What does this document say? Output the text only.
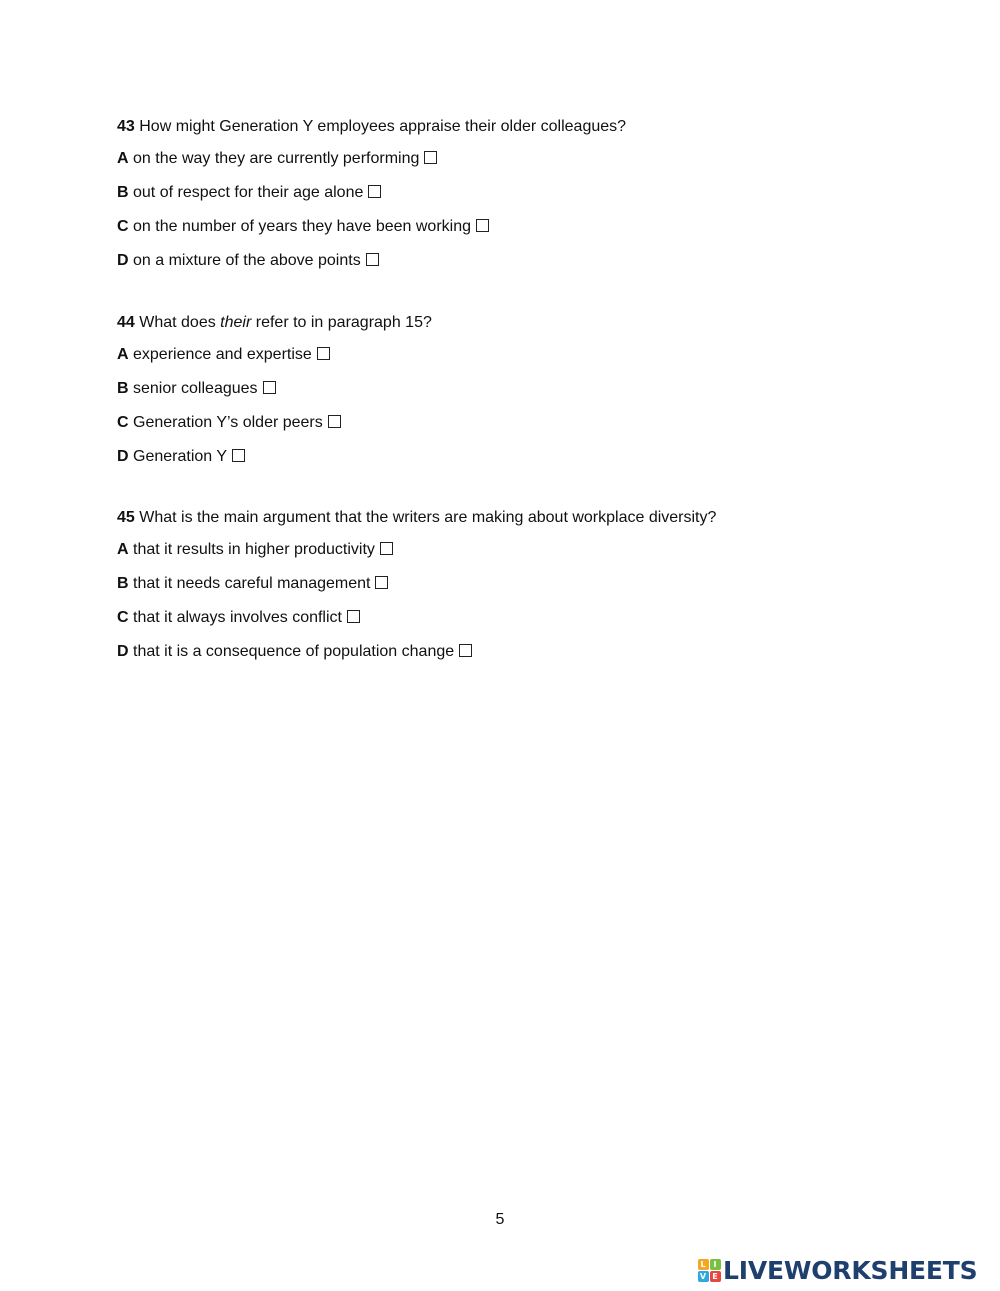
43 How might Generation Y employees appraise their older colleagues?

A on the way they are currently performing

B out of respect for their age alone

C on the number of years they have been working

D on a mixture of the above points

44 What does their refer to in paragraph 15?

A experience and expertise

B senior colleagues

C Generation Y’s older peers

D Generation Y

45 What is the main argument that the writers are making about workplace diversity?

A that it results in higher productivity

B that it needs careful management

C that it always involves conflict

D that it is a consequence of population change

5
L I
V E LIVEWORKSHEETS
